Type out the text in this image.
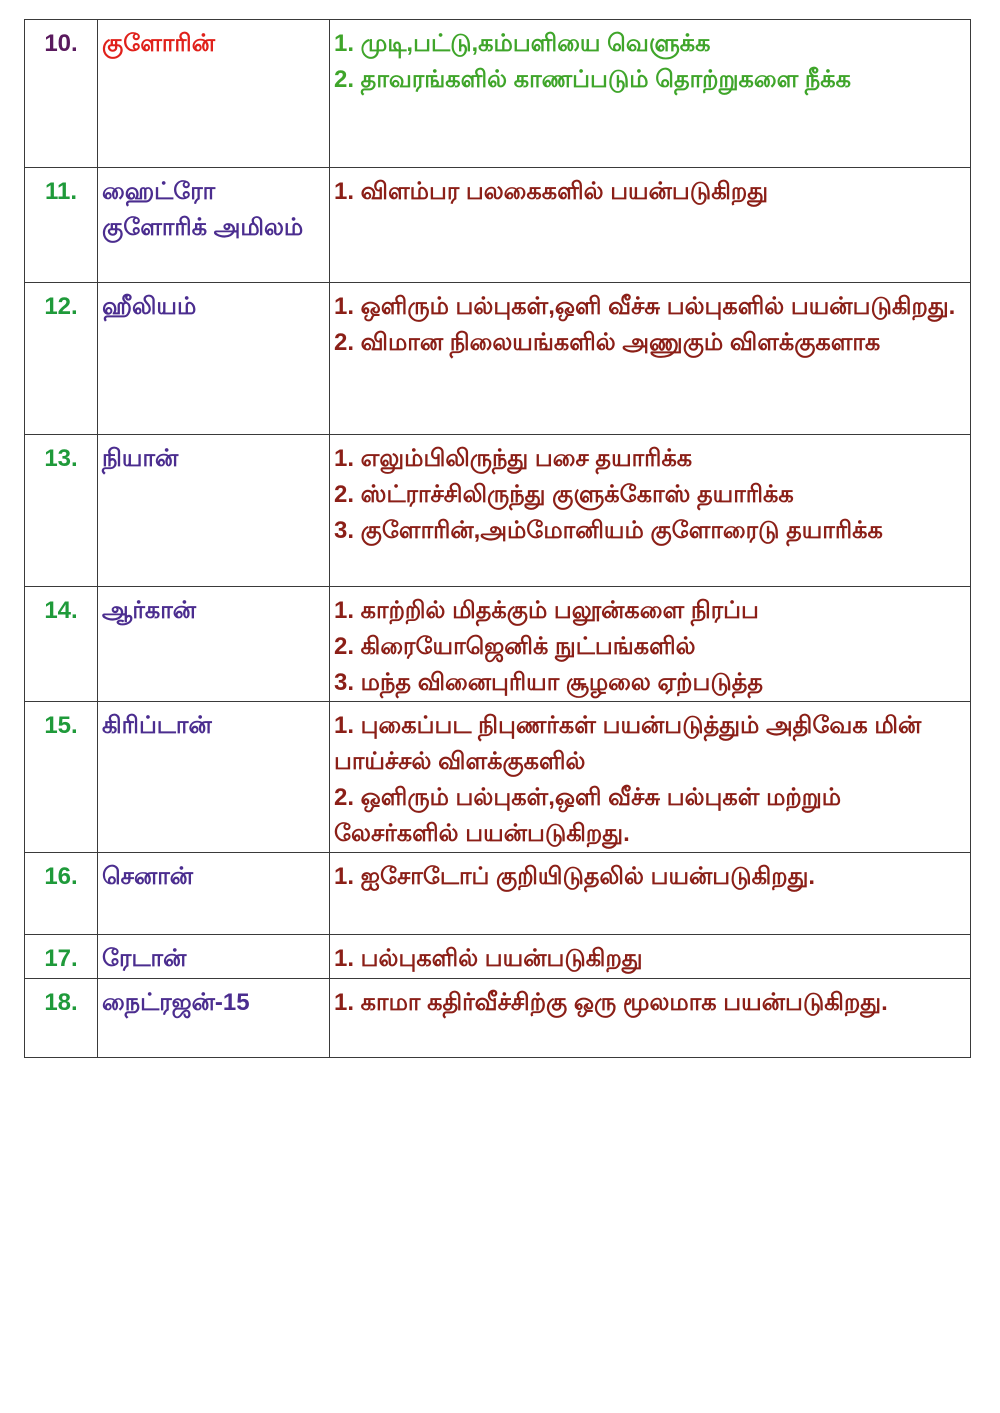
10.	குளோரின்	1. முடி,பட்டு,கம்பளியை வெளுக்க
2. தாவரங்களில் காணப்படும் தொற்றுகளை நீக்க

11.	ஹைட்ரோ குளோரிக் அமிலம்	1. விளம்பர பலகைகளில் பயன்படுகிறது

12.	ஹீலியம்	1. ஒளிரும் பல்புகள்,ஒளி வீச்சு பல்புகளில் பயன்படுகிறது.
2. விமான நிலையங்களில் அணுகும் விளக்குகளாக

13.	நியான்	1. எலும்பிலிருந்து பசை தயாரிக்க
2. ஸ்ட்ராச்சிலிருந்து குளுக்கோஸ் தயாரிக்க
3. குளோரின்,அம்மோனியம் குளோரைடு தயாரிக்க

14.	ஆர்கான்	1. காற்றில் மிதக்கும் பலூன்களை நிரப்ப
2. கிரையோஜெனிக் நுட்பங்களில்
3. மந்த வினைபுரியா சூழலை ஏற்படுத்த

15.	கிரிப்டான்	1. புகைப்பட நிபுணர்கள் பயன்படுத்தும் அதிவேக மின் பாய்ச்சல் விளக்குகளில்
2. ஒளிரும் பல்புகள்,ஒளி வீச்சு பல்புகள் மற்றும் லேசர்களில் பயன்படுகிறது.

16.	செனான்	1. ஐசோடோப் குறியிடுதலில் பயன்படுகிறது.

17.	ரேடான்	1. பல்புகளில் பயன்படுகிறது

18.	நைட்ரஜன்-15	1. காமா கதிர்வீச்சிற்கு ஒரு மூலமாக பயன்படுகிறது.
